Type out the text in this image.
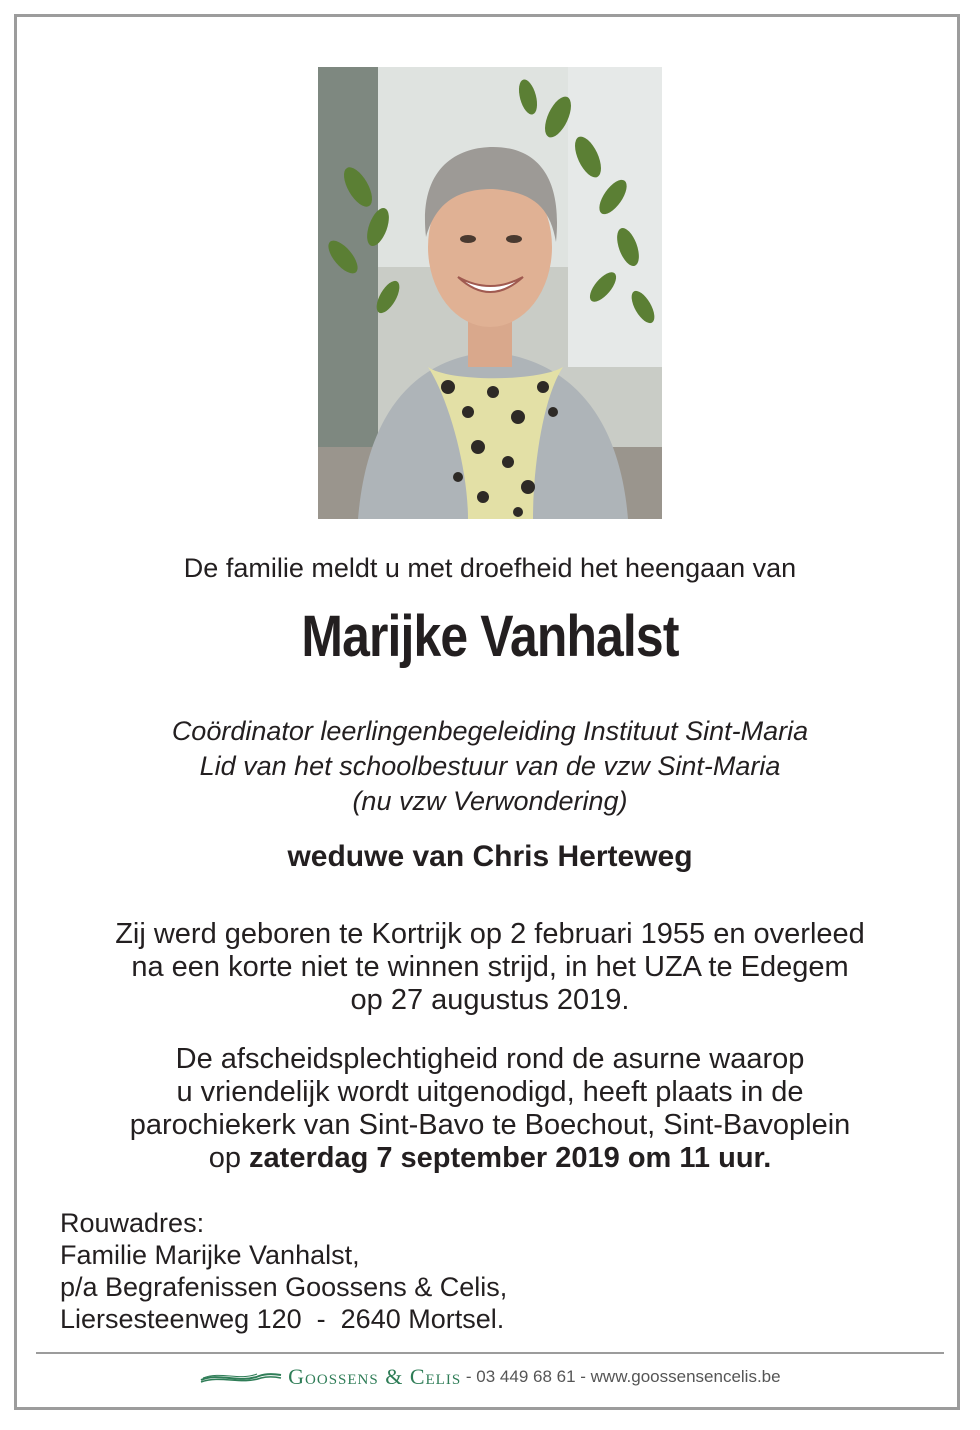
De familie meldt u met droefheid het heengaan van
Marijke Vanhalst
Coördinator leerlingenbegeleiding Instituut Sint-Maria
Lid van het schoolbestuur van de vzw Sint-Maria
(nu vzw Verwondering)
weduwe van Chris Herteweg
Zij werd geboren te Kortrijk op 2 februari 1955 en overleed
na een korte niet te winnen strijd, in het UZA te Edegem
op 27 augustus 2019.
De afscheidsplechtigheid rond de asurne waarop
u vriendelijk wordt uitgenodigd, heeft plaats in de
parochiekerk van Sint-Bavo te Boechout, Sint-Bavoplein
op zaterdag 7 september 2019 om 11 uur.
Rouwadres:
Familie Marijke Vanhalst,
p/a Begrafenissen Goossens & Celis,
Liersesteenweg 120  -  2640 Mortsel.
Goossens & Celis - 03 449 68 61 - www.goossensencelis.be
